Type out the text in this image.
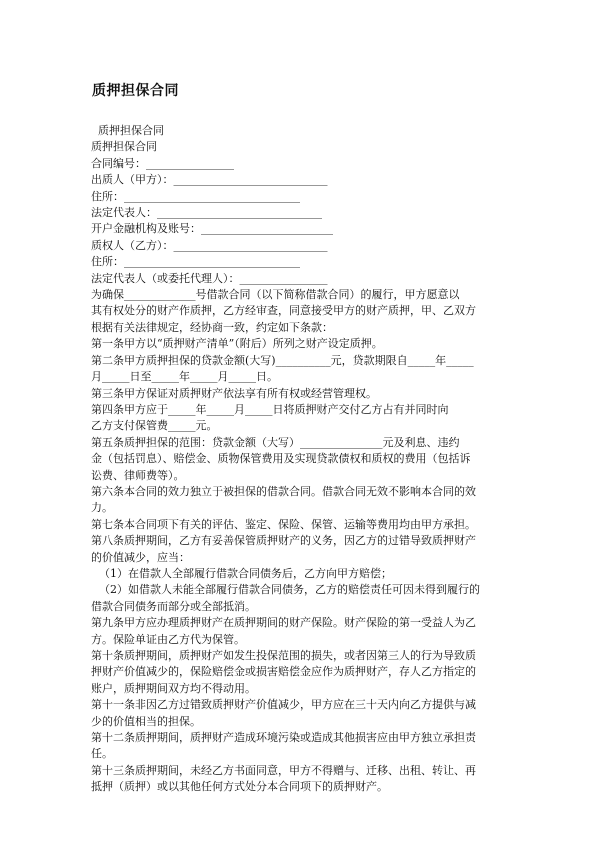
质押担保合同
质押担保合同
质押担保合同
合同编号：________________
出质人（甲方）：____________________________
住所：________________________________
法定代表人：______________________________
开户金融机构及账号：________________________
质权人（乙方）：____________________________
住所：________________________________
法定代表人（或委托代理人）：________________
为确保_____________号借款合同（以下简称借款合同）的履行，甲方愿意以
其有权处分的财产作质押，乙方经审查，同意接受甲方的财产质押，甲、乙双方
根据有关法律规定，经协商一致，约定如下条款：
第一条甲方以“质押财产清单”（附后）所列之财产设定质押。
第二条甲方质押担保的贷款金额(大写)__________元，贷款期限自_____年_____
月_____日至_____年_____月_____日。
第三条甲方保证对质押财产依法享有所有权或经营管理权。
第四条甲方应于_____年_____月_____日将质押财产交付乙方占有并同时向
乙方支付保管费_____元。
第五条质押担保的范围：贷款金额（大写）_______________元及利息、违约
金（包括罚息）、赔偿金、质物保管费用及实现贷款债权和质权的费用（包括诉
讼费、律师费等）。
第六条本合同的效力独立于被担保的借款合同。借款合同无效不影响本合同的效
力。
第七条本合同项下有关的评估、鉴定、保险、保管、运输等费用均由甲方承担。
第八条质押期间，乙方有妥善保管质押财产的义务，因乙方的过错导致质押财产
的价值减少，应当：
（1）在借款人全部履行借款合同债务后，乙方向甲方赔偿；
（2）如借款人未能全部履行借款合同债务，乙方的赔偿责任可因未得到履行的
借款合同债务而部分或全部抵消。
第九条甲方应办理质押财产在质押期间的财产保险。财产保险的第一受益人为乙
方。保险单证由乙方代为保管。
第十条质押期间，质押财产如发生投保范围的损失，或者因第三人的行为导致质
押财产价值减少的，保险赔偿金或损害赔偿金应作为质押财产，存人乙方指定的
账户，质押期间双方均不得动用。
第十一条非因乙方过错致质押财产价值减少，甲方应在三十天内向乙方提供与减
少的价值相当的担保。
第十二条质押期间，质押财产造成环境污染或造成其他损害应由甲方独立承担责
任。
第十三条质押期间，未经乙方书面同意，甲方不得赠与、迁移、出租、转让、再
抵押（质押）或以其他任何方式处分本合同项下的质押财产。
